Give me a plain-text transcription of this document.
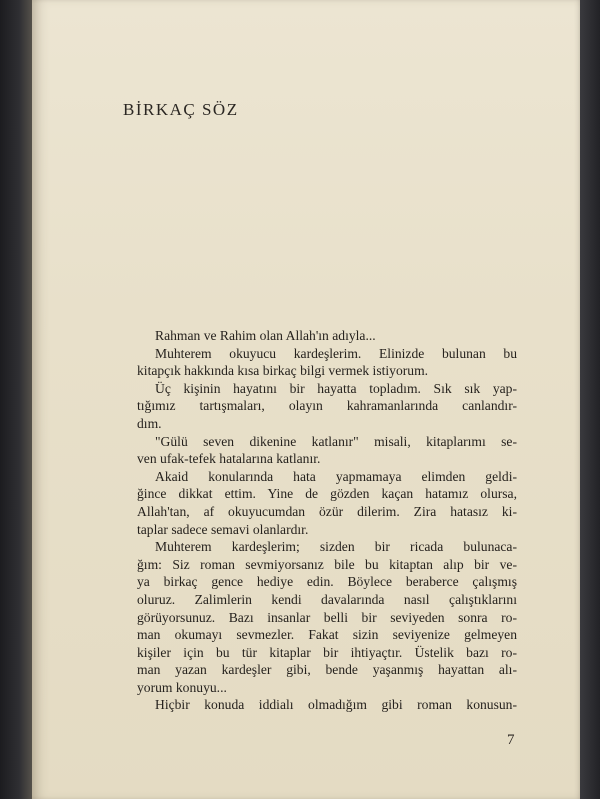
BİRKAÇ SÖZ
Rahman ve Rahim olan Allah'ın adıyla...
Muhterem okuyucu kardeşlerim. Elinizde bulunan bu
kitapçık hakkında kısa birkaç bilgi vermek istiyorum.
Üç kişinin hayatını bir hayatta topladım. Sık sık yap-
tığımız tartışmaları, olayın kahramanlarında canlandır-
dım.
"Gülü seven dikenine katlanır" misali, kitaplarımı se-
ven ufak-tefek hatalarına katlanır.
Akaid konularında hata yapmamaya elimden geldi-
ğince dikkat ettim. Yine de gözden kaçan hatamız olursa,
Allah'tan, af okuyucumdan özür dilerim. Zira hatasız ki-
taplar sadece semavi olanlardır.
Muhterem kardeşlerim; sizden bir ricada bulunaca-
ğım: Siz roman sevmiyorsanız bile bu kitaptan alıp bir ve-
ya birkaç gence hediye edin. Böylece beraberce çalışmış
oluruz. Zalimlerin kendi davalarında nasıl çalıştıklarını
görüyorsunuz. Bazı insanlar belli bir seviyeden sonra ro-
man okumayı sevmezler. Fakat sizin seviyenize gelmeyen
kişiler için bu tür kitaplar bir ihtiyaçtır. Üstelik bazı ro-
man yazan kardeşler gibi, bende yaşanmış hayattan alı-
yorum konuyu...
Hiçbir konuda iddialı olmadığım gibi roman konusun-
7
